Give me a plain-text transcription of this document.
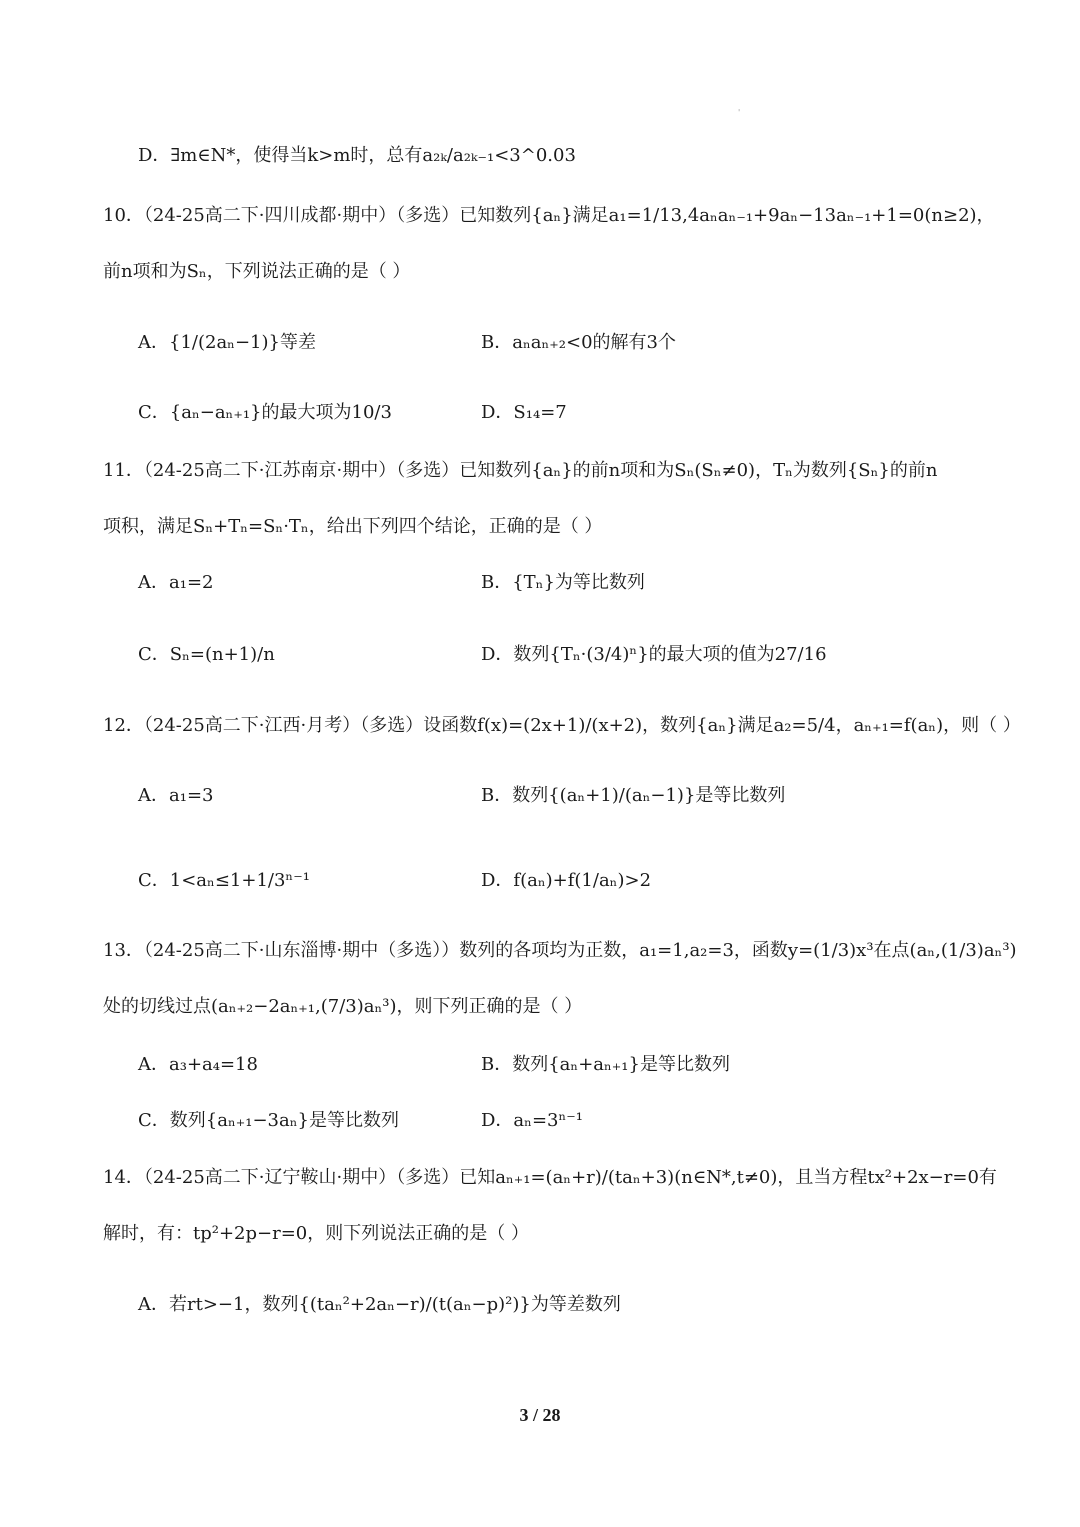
'
D．∃m∈N*，使得当k>m时，总有a₂ₖ/a₂ₖ₋₁<3^0.03
10．（24-25高二下·四川成都·期中）（多选）已知数列{aₙ}满足a₁=1/13,4aₙaₙ₋₁+9aₙ−13aₙ₋₁+1=0(n≥2)，
前n项和为Sₙ，下列说法正确的是（ ）
A．{1/(2aₙ−1)}等差	B．aₙaₙ₊₂<0的解有3个
C．{aₙ−aₙ₊₁}的最大项为10/3	D．S₁₄=7
11．（24-25高二下·江苏南京·期中）（多选）已知数列{aₙ}的前n项和为Sₙ(Sₙ≠0)，Tₙ为数列{Sₙ}的前n
项积，满足Sₙ+Tₙ=Sₙ·Tₙ，给出下列四个结论，正确的是（ ）
A．a₁=2	B．{Tₙ}为等比数列
C．Sₙ=(n+1)/n	D．数列{Tₙ·(3/4)ⁿ}的最大项的值为27/16
12．（24-25高二下·江西·月考）（多选）设函数f(x)=(2x+1)/(x+2)，数列{aₙ}满足a₂=5/4，aₙ₊₁=f(aₙ)，则（ ）
A．a₁=3	B．数列{(aₙ+1)/(aₙ−1)}是等比数列
C．1<aₙ≤1+1/3ⁿ⁻¹	D．f(aₙ)+f(1/aₙ)>2
13．（24-25高二下·山东淄博·期中（多选））数列的各项均为正数，a₁=1,a₂=3，函数y=(1/3)x³在点(aₙ,(1/3)aₙ³)
处的切线过点(aₙ₊₂−2aₙ₊₁,(7/3)aₙ³)，则下列正确的是（ ）
A．a₃+a₄=18	B．数列{aₙ+aₙ₊₁}是等比数列
C．数列{aₙ₊₁−3aₙ}是等比数列	D．aₙ=3ⁿ⁻¹
14．（24-25高二下·辽宁鞍山·期中）（多选）已知aₙ₊₁=(aₙ+r)/(taₙ+3)(n∈N*,t≠0)，且当方程tx²+2x−r=0有
解时，有：tp²+2p−r=0，则下列说法正确的是（ ）
A．若rt>−1，数列{(taₙ²+2aₙ−r)/(t(aₙ−p)²)}为等差数列
3 / 28
